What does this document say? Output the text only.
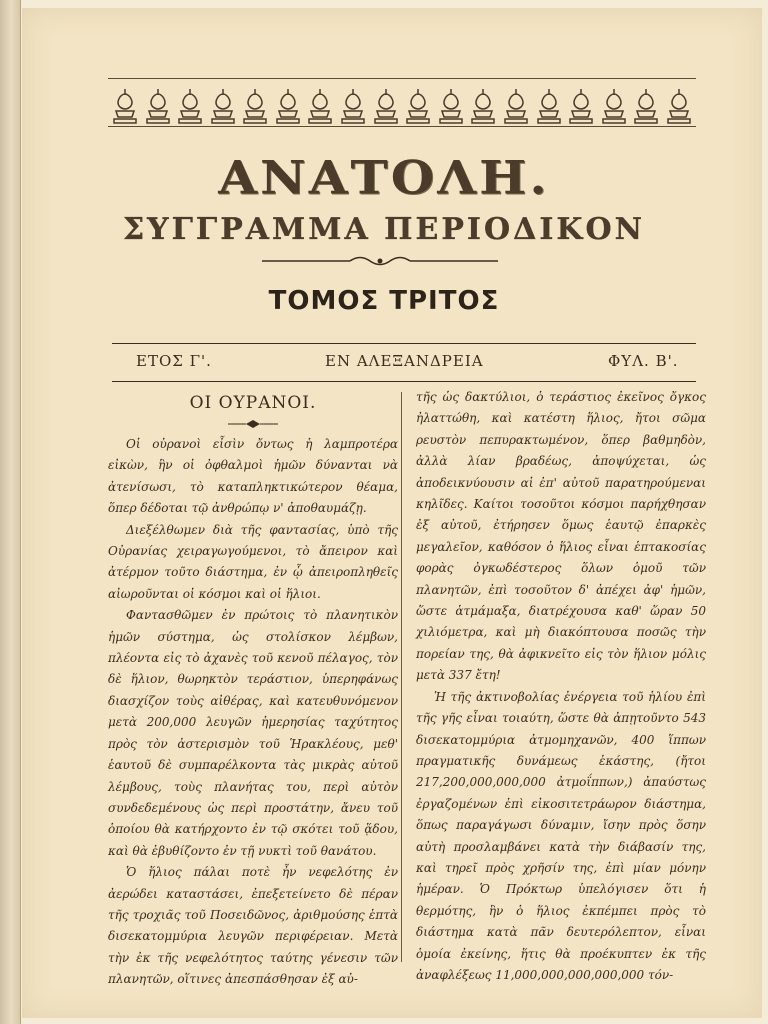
ΑΝΑΤΟΛΗ.
ΣΥΓΓΡΑΜΜΑ ΠΕΡΙΟΔΙΚΟΝ
ΤΟΜΟΣ ΤΡΙΤΟΣ
ΕΤΟΣ Γ'.	ΕΝ ΑΛΕΞΑΝΔΡΕΙΑ	ΦΥΛ. Β'.
ΟΙ ΟΥΡΑΝΟΙ.

Οἱ οὐρανοὶ εἶσὶν ὄντως ἡ λαμπροτέρα εἰκὼν, ἣν οἱ ὀφθαλμοὶ ἡμῶν δύνανται νὰ ἀτενίσωσι, τὸ καταπληκτικώτερον θέαμα, ὅπερ δέδοται τῷ ἀνθρώπῳ ν' ἀποθαυμάζῃ.

Διεξέλθωμεν διὰ τῆς φαντασίας, ὑπὸ τῆς Οὐρανίας χειραγωγούμενοι, τὸ ἄπειρον καὶ ἀτέρμον τοῦτο διάστημα, ἐν ᾧ ἀπειροπληθεῖς αἰωροῦνται οἱ κόσμοι καὶ οἱ ἥλιοι.

Φαντασθῶμεν ἐν πρώτοις τὸ πλανητικὸν ἡμῶν σύστημα, ὡς στολίσκον λέμβων, πλέοντα εἰς τὸ ἀχανὲς τοῦ κενοῦ πέλαγος, τὸν δὲ ἥλιον, θωρηκτὸν τεράστιον, ὑπερηφάνως διασχίζον τοὺς αἰθέρας, καὶ κατευθυνόμενον μετὰ 200,000 λευγῶν ἡμερησίας ταχύτητος πρὸς τὸν ἀστερισμὸν τοῦ Ἡρακλέους, μεθ' ἑαυτοῦ δὲ συμπαρέλκοντα τὰς μικρὰς αὐτοῦ λέμβους, τοὺς πλανήτας του, περὶ αὐτὸν συνδεδεμένους ὡς περὶ προστάτην, ἄνευ τοῦ ὁποίου θὰ κατήρχοντο ἐν τῷ σκότει τοῦ ᾅδου, καὶ θὰ ἐβυθίζοντο ἐν τῇ νυκτὶ τοῦ θανάτου.

Ὁ ἥλιος πάλαι ποτὲ ἦν νεφελότης ἐν ἀερώδει καταστάσει, ἐπεξετείνετο δὲ πέραν τῆς τροχιᾶς τοῦ Ποσειδῶνος, ἀριθμούσης ἑπτὰ δισεκατομμύρια λευγῶν περιφέρειαν. Μετὰ τὴν ἐκ τῆς νεφελότητος ταύτης γένεσιν τῶν πλανητῶν, οἵτινες ἀπεσπάσθησαν ἐξ αὐ-

τῆς ὡς δακτύλιοι, ὁ τεράστιος ἐκεῖνος ὄγκος ἠλαττώθη, καὶ κατέστη ἥλιος, ἤτοι σῶμα ρευστὸν πεπυρακτωμένον, ὅπερ βαθμηδὸν, ἀλλὰ λίαν βραδέως, ἀποψύχεται, ὡς ἀποδεικνύουσιν αἱ ἐπ' αὐτοῦ παρατηρούμεναι κηλῖδες. Καίτοι τοσοῦτοι κόσμοι παρήχθησαν ἐξ αὐτοῦ, ἐτήρησεν ὅμως ἑαυτῷ ἐπαρκὲς μεγαλεῖον, καθόσον ὁ ἥλιος εἶναι ἑπτακοσίας φορὰς ὀγκωδέστερος ὅλων ὁμοῦ τῶν πλανητῶν, ἐπὶ τοσοῦτον δ' ἀπέχει ἀφ' ἡμῶν, ὥστε ἁτμάμαξα, διατρέχουσα καθ' ὥραν 50 χιλιόμετρα, καὶ μὴ διακόπτουσα ποσῶς τὴν πορείαν της, θὰ ἀφικνεῖτο εἰς τὸν ἥλιον μόλις μετὰ 337 ἔτη!

Ἡ τῆς ἀκτινοβολίας ἐνέργεια τοῦ ἡλίου ἐπὶ τῆς γῆς εἶναι τοιαύτη, ὥστε θὰ ἀπῃτοῦντο 543 δισεκατομμύρια ἀτμομηχανῶν, 400 ἵππων πραγματικῆς δυνάμεως ἑκάστης, (ἤτοι 217,200,000,000,000 ἀτμοΐππων,) ἀπαύστως ἐργαζομένων ἐπὶ εἰκοσιτετράωρον διάστημα, ὅπως παραγάγωσι δύναμιν, ἴσην πρὸς ὅσην αὐτὴ προσλαμβάνει κατὰ τὴν διάβασίν της, καὶ τηρεῖ πρὸς χρῆσίν της, ἐπὶ μίαν μόνην ἡμέραν. Ὁ Πρόκτωρ ὑπελόγισεν ὅτι ἡ θερμότης, ἣν ὁ ἥλιος ἐκπέμπει πρὸς τὸ διάστημα κατὰ πᾶν δευτερόλεπτον, εἶναι ὁμοία ἐκείνης, ἥτις θὰ προέκυπτεν ἐκ τῆς ἀναφλέξεως 11,000,000,000,000,000 τόν-
